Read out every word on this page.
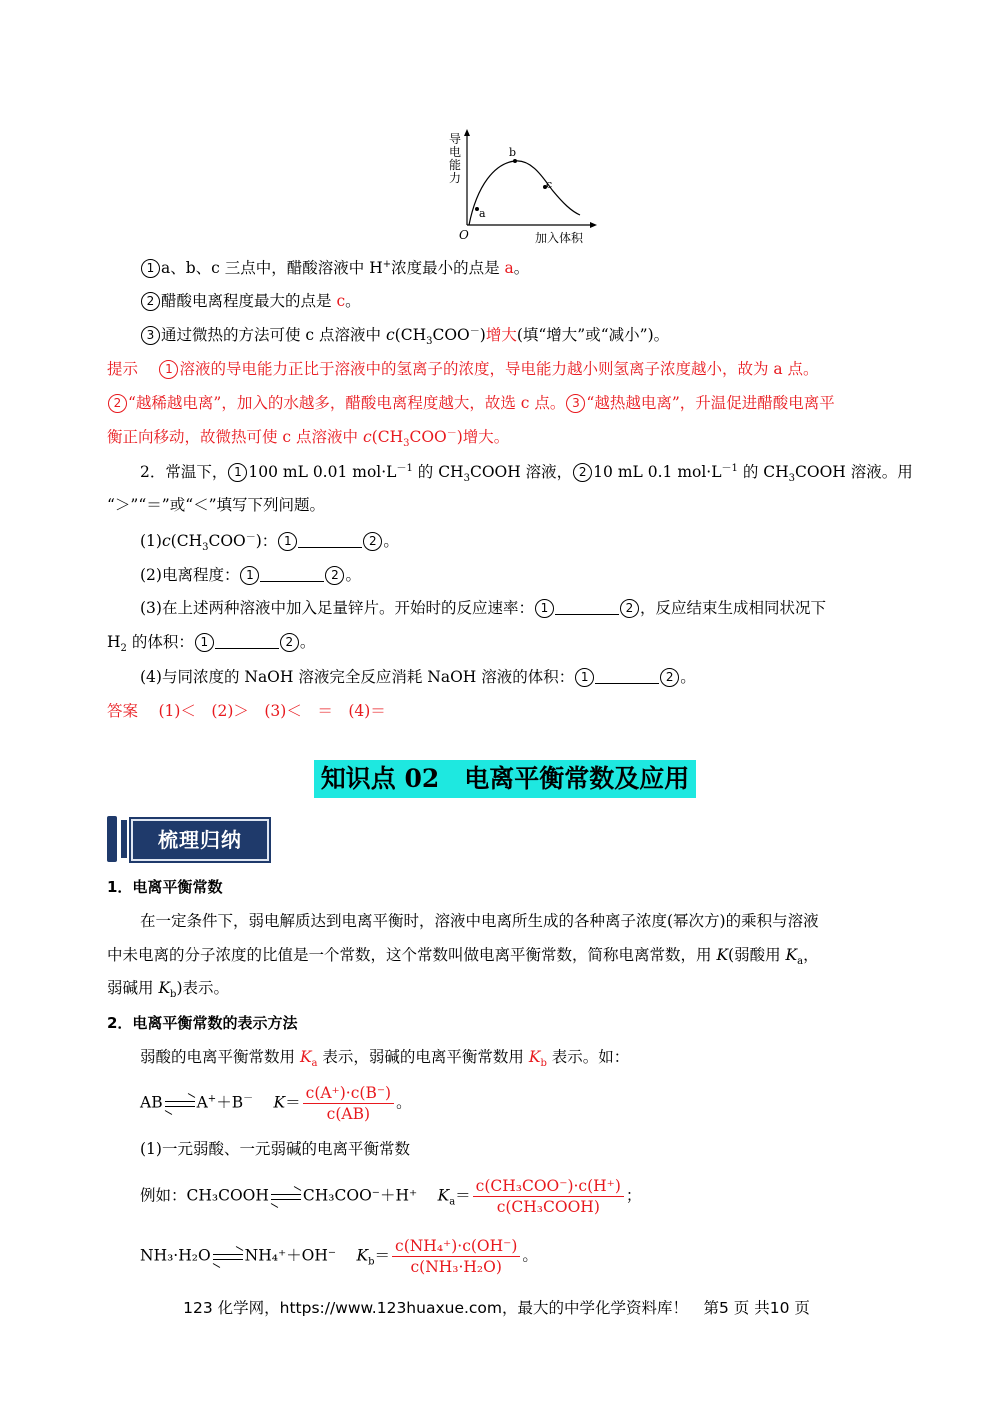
a
b
c
O
导
电
能
力
加入体积
1 a、b、c 三点中，醋酸溶液中 H+浓度最小的点是 a。
2 醋酸电离程度最大的点是 c。
3 通过微热的方法可使 c 点溶液中 $c(CH_3COO^-)$增大(填“增大”或“减小”)。
提示　 1 溶液的导电能力正比于溶液中的氢离子的浓度，导电能力越小则氢离子浓度越小，故为 a 点。
2 “越稀越电离”，加入的水越多，醋酸电离程度越大，故选 c 点。 3 “越热越电离”，升温促进醋酸电离平
衡正向移动，故微热可使 c 点溶液中 $c(CH_3COO^-)$增大。
2．常温下， 1 100 mL 0.01 $mol\cdot L^{-1}$ 的 $CH_3COOH$ 溶液， 2 10 mL 0.1 $mol\cdot L^{-1}$ 的 $CH_3COOH$ 溶液。用
“＞”“＝”或“＜”填写下列问题。
$(1)c(CH_3COO^-)$： 1	2 。
(2)电离程度： 1	2 。
(3)在上述两种溶液中加入足量锌片。开始时的反应速率： 1	2 ，反应结束生成相同状况下
$H_2$ 的体积： 1	2 。
(4)与同浓度的 NaOH 溶液完全反应消耗 NaOH 溶液的体积： 1	2 。
答案　 (1)＜　(2)＞　(3)＜　＝　(4)＝
知识点 02　电离平衡常数及应用
梳理归纳
1．电离平衡常数
在一定条件下，弱电解质达到电离平衡时，溶液中电离所生成的各种离子浓度(幂次方)的乘积与溶液
中未电离的分子浓度的比值是一个常数，这个常数叫做电离平衡常数，简称电离常数，用 K(弱酸用 $K_a$，
弱碱用 $K_b$)表示。
2．电离平衡常数的表示方法
弱酸的电离平衡常数用 $K_a$ 表示，弱碱的电离平衡常数用 $K_b$ 表示。如：
AB A+＋B－　 $K= \frac{c(A^+)\cdot c(B^-)}{c(AB)}$ 。
(1)一元弱酸、一元弱碱的电离平衡常数
例如：CH₃COOH CH₃COO⁻＋H⁺　 $K_a= \frac{\text{c(CH₃COO⁻)·c(H⁺)}}{\text{c(CH₃COOH)}}$ ；
NH₃·H₂O NH₄⁺＋OH⁻　 $K_b= \frac{\text{c(NH₄⁺)·c(OH⁻)}}{\text{c(NH₃·H₂O)}}$ 。
123 化学网，https://www.123huaxue.com，最大的中学化学资料库！　第5 页 共10 页
